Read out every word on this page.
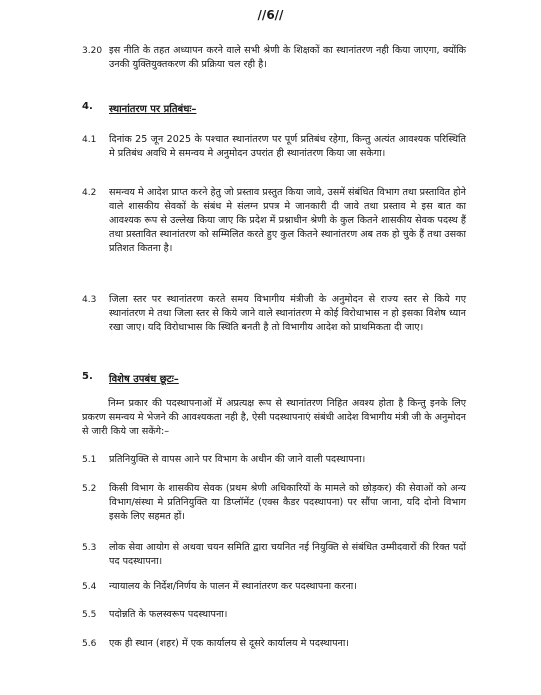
//6//
3.20 इस नीति के तहत अध्यापन करने वाले सभी श्रेणी के शिक्षकों का स्थानांतरण नही किया जाएगा, क्योंकि उनकी युक्तियुक्तकरण की प्रक्रिया चल रही है।
4. स्थानांतरण पर प्रतिबंधः–
4.1 दिनांक 25 जून 2025 के पश्चात स्थानांतरण पर पूर्ण प्रतिबंध रहेगा, किन्तु अत्यंत आवश्यक परिस्थिति मे प्रतिबंध अवधि मे समन्वय मे अनुमोदन उपरांत ही स्थानांतरण किया जा सकेगा।
4.2 समन्वय मे आदेश प्राप्त करने हेतु जो प्रस्ताव प्रस्तुत किया जावे, उसमें संबंधित विभाग तथा प्रस्तावित होने वाले शासकीय सेवकों के संबंध मे संलग्न प्रपत्र मे जानकारी दी जावे तथा प्रस्ताव मे इस बात का आवश्यक रूप से उल्लेख किया जाए कि प्रदेश में प्रश्नाधीन श्रेणी के कुल कितने शासकीय सेवक पदस्थ हैं तथा प्रस्तावित स्थानांतरण को सम्मिलित करते हुए कुल कितने स्थानांतरण अब तक हो चुके हैं तथा उसका प्रतिशत कितना है।
4.3 जिला स्तर पर स्थानांतरण करते समय विभागीय मंत्रीजी के अनुमोदन से राज्य स्तर से किये गए स्थानांतरण मे तथा जिला स्तर से किये जाने वाले स्थानांतरण मे कोई विरोधाभास न हो इसका विशेष ध्यान रखा जाए। यदि विरोधाभास कि स्थिति बनती है तो विभागीय आदेश को प्राथमिकता दी जाए।
5. विशेष उपबंध छूटः–
निम्न प्रकार की पदस्थापनाओं में अप्रत्यक्ष रूप से स्थानांतरण निहित अवश्य होता है किन्तु इनके लिए प्रकरण समन्वय मे भेजने की आवश्यकता नही है, ऐसी पदस्थापनाएं संबंधी आदेश विभागीय मंत्री जी के अनुमोदन से जारी किये जा सकेंगे:–
5.1 प्रतिनियुक्ति से वापस आने पर विभाग के अधीन की जाने वाली पदस्थापना।
5.2 किसी विभाग के शासकीय सेवक (प्रथम श्रेणी अधिकारियों के मामले को छोड़कर) की सेवाओं को अन्य विभाग/संस्था मे प्रतिनियुक्ति या डिप्लॉमेंट (एक्स कैडर पदस्थापना) पर सौंपा जाना, यदि दोनो विभाग इसके लिए सहमत हों।
5.3 लोक सेवा आयोग से अथवा चयन समिति द्वारा चयनित नई नियुक्ति से संबंधित उम्मीदवारों की रिक्त पदों पद पदस्थापना।
5.4 न्यायालय के निर्देश/निर्णय के पालन में स्थानांतरण कर पदस्थापना करना।
5.5 पदोन्नति के फलस्वरूप पदस्थापना।
5.6 एक ही स्थान (शहर) में एक कार्यालय से दूसरे कार्यालय मे पदस्थापना।
